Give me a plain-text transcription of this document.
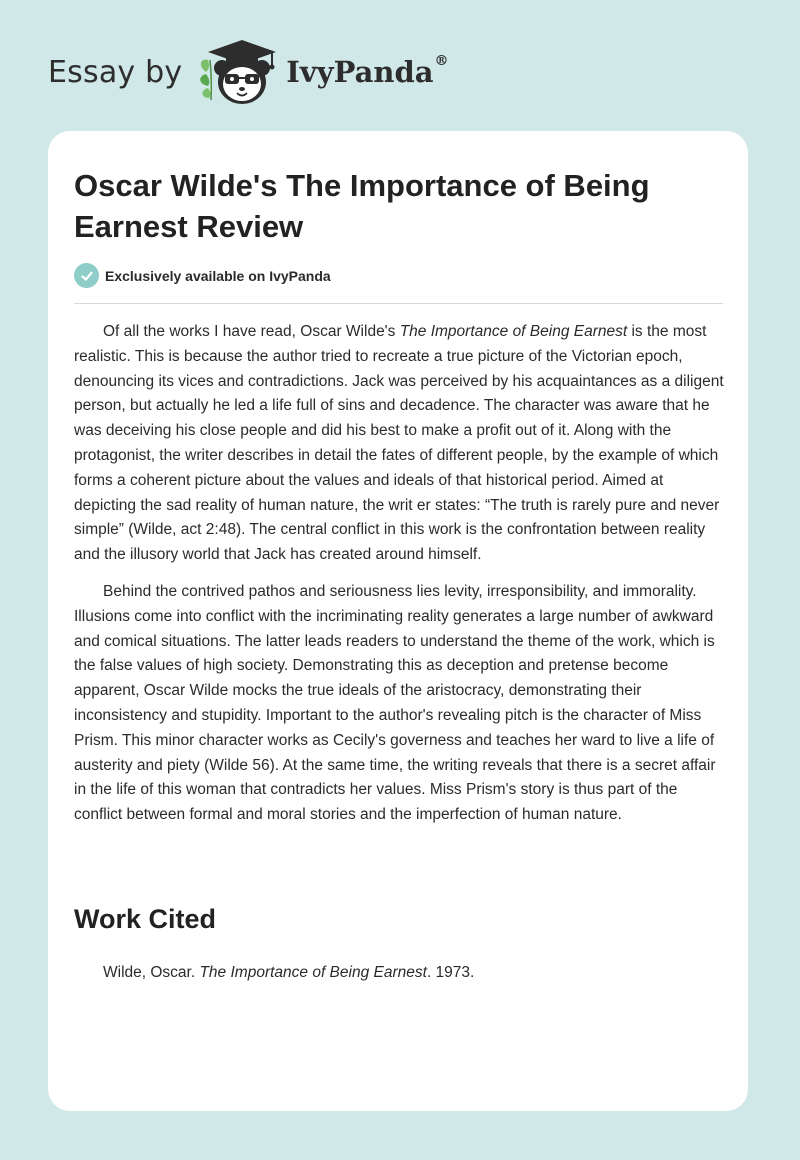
Essay by	IvyPanda®
Oscar Wilde's The Importance of Being Earnest Review
Exclusively available on IvyPanda

Of all the works I have read, Oscar Wilde's The Importance of Being Earnest is the most realistic. This is because the author tried to recreate a true picture of the Victorian epoch, denouncing its vices and contradictions. Jack was perceived by his acquaintances as a diligent person, but actually he led a life full of sins and decadence. The character was aware that he was deceiving his close people and did his best to make a profit out of it. Along with the protagonist, the writer describes in detail the fates of different people, by the example of which forms a coherent picture about the values and ideals of that historical period. Aimed at depicting the sad reality of human nature, the writ er states: “The truth is rarely pure and never simple” (Wilde, act 2:48). The central conflict in this work is the confrontation between reality and the illusory world that Jack has created around himself.

Behind the contrived pathos and seriousness lies levity, irresponsibility, and immorality. Illusions come into conflict with the incriminating reality generates a large number of awkward and comical situations. The latter leads readers to understand the theme of the work, which is the false values of high society. Demonstrating this as deception and pretense become apparent, Oscar Wilde mocks the true ideals of the aristocracy, demonstrating their inconsistency and stupidity. Important to the author's revealing pitch is the character of Miss Prism. This minor character works as Cecily's governess and teaches her ward to live a life of austerity and piety (Wilde 56). At the same time, the writing reveals that there is a secret affair in the life of this woman that contradicts her values. Miss Prism's story is thus part of the conflict between formal and moral stories and the imperfection of human nature.

Work Cited

Wilde, Oscar. The Importance of Being Earnest. 1973.
